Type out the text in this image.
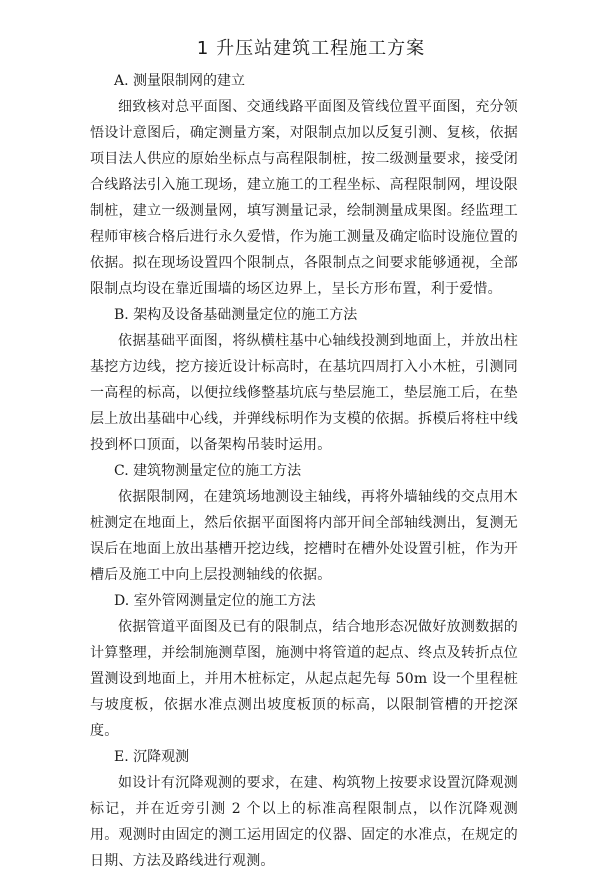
1 升压站建筑工程施工方案

A. 测量限制网的建立

细致核对总平面图、交通线路平面图及管线位置平面图，充分领悟设计意图后，确定测量方案，对限制点加以反复引测、复核，依据项目法人供应的原始坐标点与高程限制桩，按二级测量要求，接受闭合线路法引入施工现场，建立施工的工程坐标、高程限制网，埋设限制桩，建立一级测量网，填写测量记录，绘制测量成果图。经监理工程师审核合格后进行永久爱惜，作为施工测量及确定临时设施位置的依据。拟在现场设置四个限制点，各限制点之间要求能够通视，全部限制点均设在靠近围墙的场区边界上，呈长方形布置，利于爱惜。

B. 架构及设备基础测量定位的施工方法

依据基础平面图，将纵横柱基中心轴线投测到地面上，并放出柱基挖方边线，挖方接近设计标高时，在基坑四周打入小木桩，引测同一高程的标高，以便拉线修整基坑底与垫层施工，垫层施工后，在垫层上放出基础中心线，并弹线标明作为支模的依据。拆模后将柱中线投到杯口顶面，以备架构吊装时运用。

C. 建筑物测量定位的施工方法

依据限制网，在建筑场地测设主轴线，再将外墙轴线的交点用木桩测定在地面上，然后依据平面图将内部开间全部轴线测出，复测无误后在地面上放出基槽开挖边线，挖槽时在槽外处设置引桩，作为开槽后及施工中向上层投测轴线的依据。

D. 室外管网测量定位的施工方法

依据管道平面图及已有的限制点，结合地形态况做好放测数据的计算整理，并绘制施测草图，施测中将管道的起点、终点及转折点位置测设到地面上，并用木桩标定，从起点起先每 50m 设一个里程桩与坡度板，依据水准点测出坡度板顶的标高，以限制管槽的开挖深度。

E. 沉降观测

如设计有沉降观测的要求，在建、构筑物上按要求设置沉降观测标记，并在近旁引测 2 个以上的标准高程限制点，以作沉降观测用。观测时由固定的测工运用固定的仪器、固定的水准点，在规定的日期、方法及路线进行观测。
